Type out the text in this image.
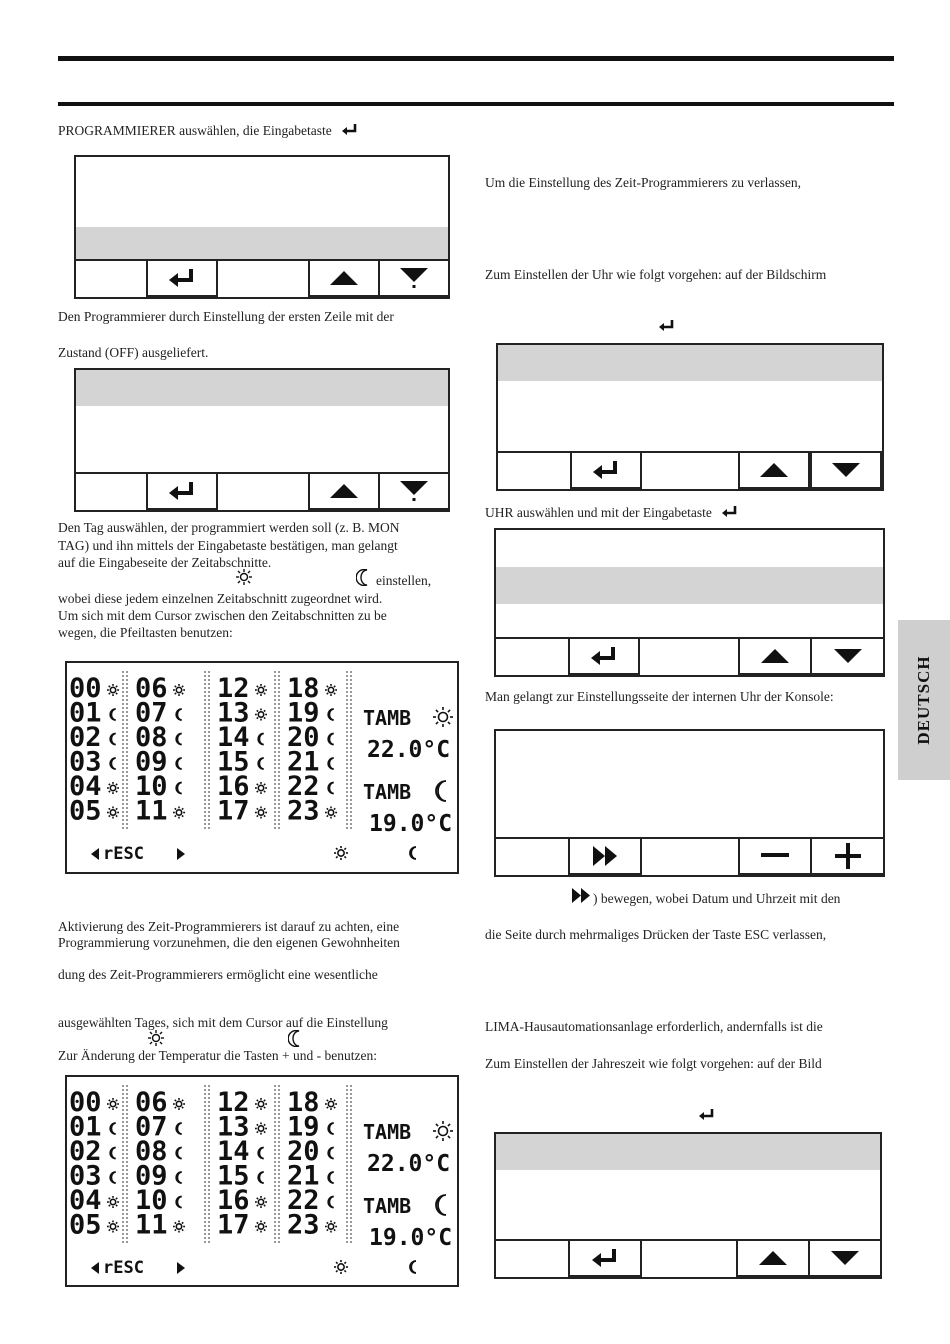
DEUTSCH
PROGRAMMIERER auswählen, die Eingabetaste
Den Programmierer durch Einstellung der ersten Zeile mit der
Zustand (OFF) ausgeliefert.
Den Tag auswählen, der programmiert werden soll (z. B. MON
TAG) und ihn mittels der Eingabetaste bestätigen, man gelangt
auf die Eingabeseite der Zeitabschnitte.
einstellen,
wobei diese jedem einzelnen Zeitabschnitt zugeordnet wird.
Um sich mit dem Cursor zwischen den Zeitabschnitten zu be
wegen, die Pfeiltasten benutzen:
00
01
02
03
04
05
06
07
08
09
10
11
12
13
14
15
16
17
18
19
20
21
22
23
TAMB
22.0°C
TAMB
19.0°C
rESC
Aktivierung des Zeit-Programmierers ist darauf zu achten, eine
Programmierung vorzunehmen, die den eigenen Gewohnheiten
dung des Zeit-Programmierers ermöglicht eine wesentliche
ausgewählten Tages, sich mit dem Cursor auf die Einstellung
Zur Änderung der Temperatur die Tasten + und - benutzen:
00
01
02
03
04
05
06
07
08
09
10
11
12
13
14
15
16
17
18
19
20
21
22
23
TAMB
22.0°C
TAMB
19.0°C
rESC
Um die Einstellung des Zeit-Programmierers zu verlassen,
Zum Einstellen der Uhr wie folgt vorgehen: auf der Bildschirm
UHR auswählen und mit der Eingabetaste
Man gelangt zur Einstellungsseite der internen Uhr der Konsole:
) bewegen, wobei Datum und Uhrzeit mit den
die Seite durch mehrmaliges Drücken der Taste ESC verlassen,
LIMA-Hausautomationsanlage erforderlich, andernfalls ist die
Zum Einstellen der Jahreszeit wie folgt vorgehen: auf der Bild
